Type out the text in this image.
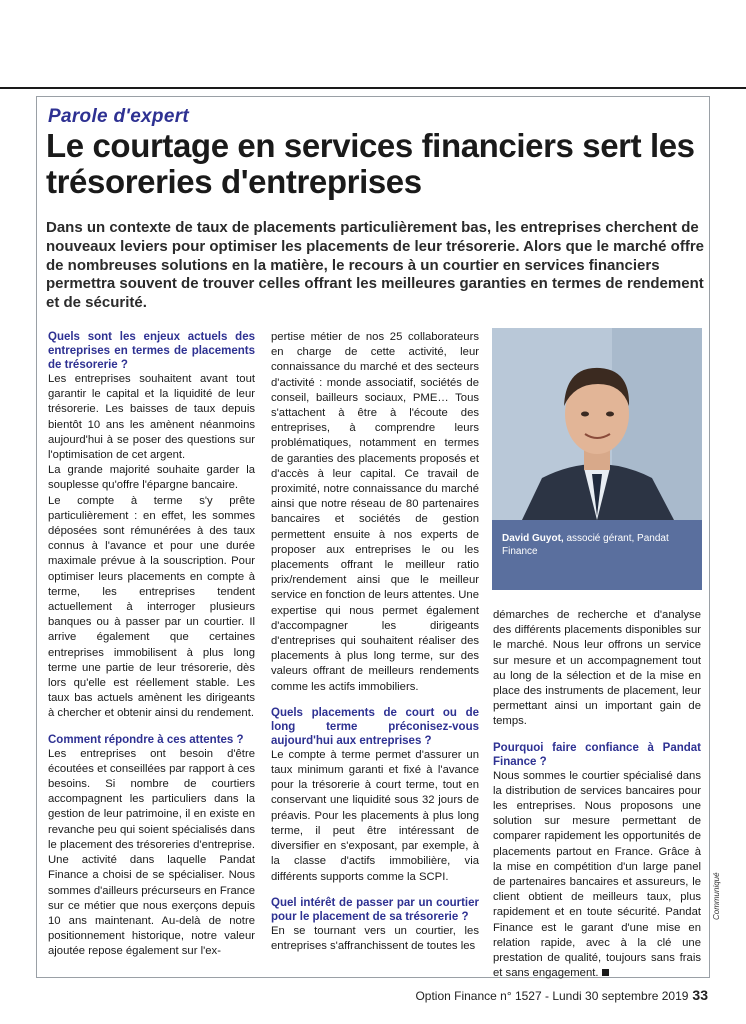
Parole d'expert
Le courtage en services financiers sert les trésoreries d'entreprises
Dans un contexte de taux de placements particulièrement bas, les entreprises cherchent de nouveaux leviers pour optimiser les placements de leur trésorerie. Alors que le marché offre de nombreuses solutions en la matière, le recours à un courtier en services financiers permettra souvent de trouver celles offrant les meilleures garanties en termes de rendement et de sécurité.

Quels sont les enjeux actuels des entreprises en termes de placements de trésorerie ?

Les entreprises souhaitent avant tout garantir le capital et la liquidité de leur trésorerie. Les baisses de taux depuis bientôt 10 ans les amènent néanmoins aujourd'hui à se poser des questions sur l'optimisation de cet argent.

La grande majorité souhaite garder la souplesse qu'offre l'épargne bancaire.

Le compte à terme s'y prête particulièrement : en effet, les sommes déposées sont rémunérées à des taux connus à l'avance et pour une durée maximale prévue à la souscription. Pour optimiser leurs placements en compte à terme, les entreprises tendent actuellement à interroger plusieurs banques ou à passer par un courtier. Il arrive également que certaines entreprises immobilisent à plus long terme une partie de leur trésorerie, dès lors qu'elle est réellement stable. Les taux bas actuels amènent les dirigeants à chercher et obtenir ainsi du rendement.

Comment répondre à ces attentes ?

Les entreprises ont besoin d'être écoutées et conseillées par rapport à ces besoins. Si nombre de courtiers accompagnent les particuliers dans la gestion de leur patrimoine, il en existe en revanche peu qui soient spécialisés dans le placement des trésoreries d'entreprise. Une activité dans laquelle Pandat Finance a choisi de se spécialiser. Nous sommes d'ailleurs précurseurs en France sur ce métier que nous exerçons depuis 10 ans maintenant. Au-delà de notre positionnement historique, notre valeur ajoutée repose également sur l'ex-

pertise métier de nos 25 collaborateurs en charge de cette activité, leur connaissance du marché et des secteurs d'activité : monde associatif, sociétés de conseil, bailleurs sociaux, PME… Tous s'attachent à être à l'écoute des entreprises, à comprendre leurs problématiques, notamment en termes de garanties des placements proposés et d'accès à leur capital. Ce travail de proximité, notre connaissance du marché ainsi que notre réseau de 80 partenaires bancaires et sociétés de gestion permettent ensuite à nos experts de proposer aux entreprises le ou les placements offrant le meilleur ratio prix/rendement ainsi que le meilleur service en fonction de leurs attentes. Une expertise qui nous permet également d'accompagner les dirigeants d'entreprises qui souhaitent réaliser des placements à plus long terme, sur des valeurs offrant de meilleurs rendements comme les actifs immobiliers.

Quels placements de court ou de long terme préconisez-vous aujourd'hui aux entreprises ?

Le compte à terme permet d'assurer un taux minimum garanti et fixé à l'avance pour la trésorerie à court terme, tout en conservant une liquidité sous 32 jours de préavis. Pour les placements à plus long terme, il peut être intéressant de diversifier en s'exposant, par exemple, à la classe d'actifs immobilière, via différents supports comme la SCPI.

Quel intérêt de passer par un courtier pour le placement de sa trésorerie ?

En se tournant vers un courtier, les entreprises s'affranchissent de toutes les

David Guyot, associé gérant, Pandat Finance

démarches de recherche et d'analyse des différents placements disponibles sur le marché. Nous leur offrons un service sur mesure et un accompagnement tout au long de la sélection et de la mise en place des instruments de placement, leur permettant ainsi un important gain de temps.

Pourquoi faire confiance à Pandat Finance ?

Nous sommes le courtier spécialisé dans la distribution de services bancaires pour les entreprises. Nous proposons une solution sur mesure permettant de comparer rapidement les opportunités de placements partout en France. Grâce à la mise en compétition d'un large panel de partenaires bancaires et assureurs, le client obtient de meilleurs taux, plus rapidement et en toute sécurité. Pandat Finance est le garant d'une mise en relation rapide, avec à la clé une prestation de qualité, toujours sans frais et sans engagement.

Communiqué
Option Finance n° 1527 - Lundi 30 septembre 2019 33
